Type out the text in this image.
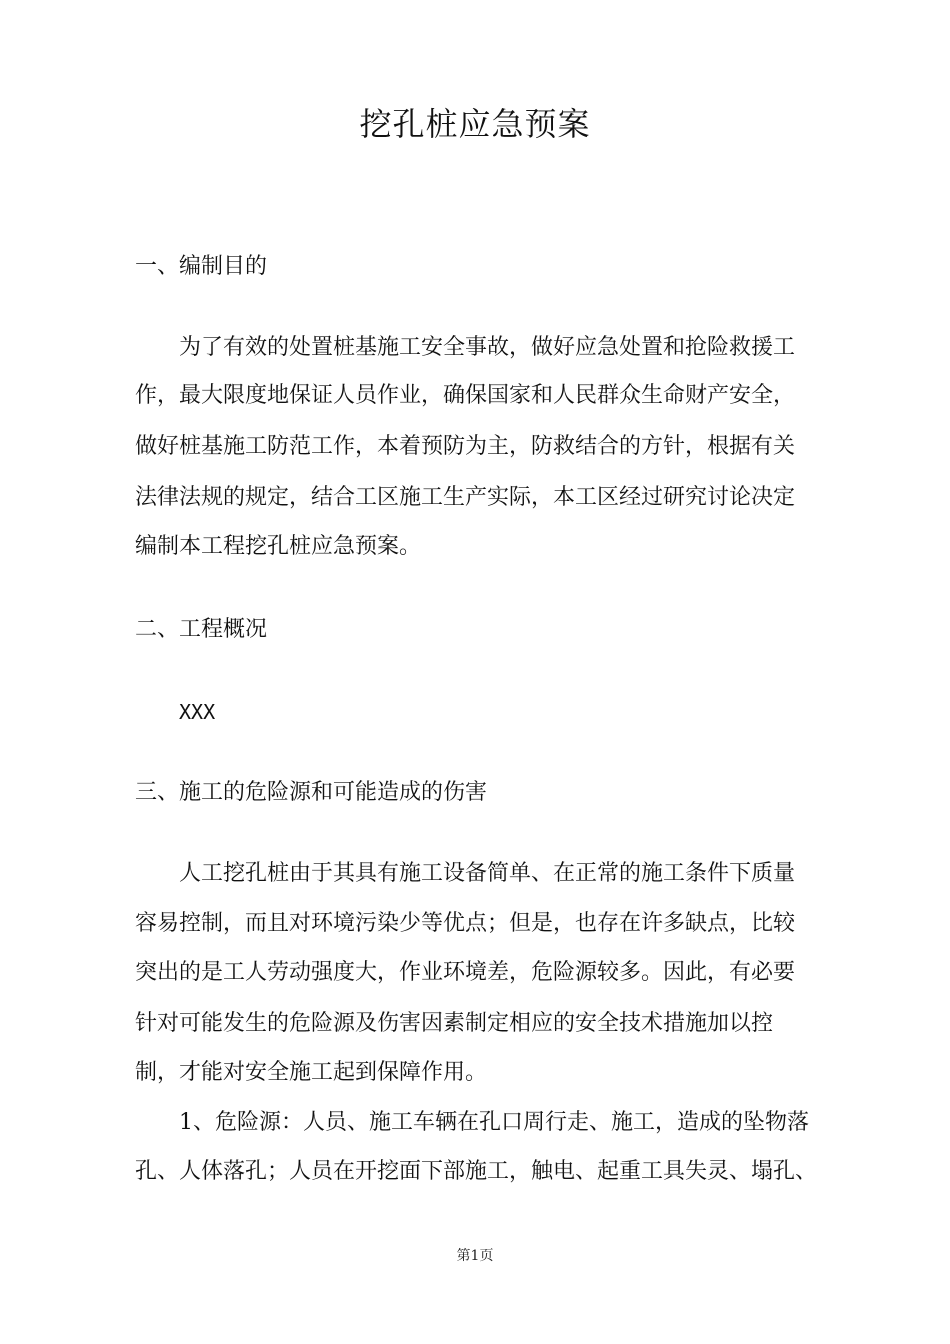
挖孔桩应急预案
一、编制目的
为了有效的处置桩基施工安全事故，做好应急处置和抢险救援工
作，最大限度地保证人员作业，确保国家和人民群众生命财产安全，
做好桩基施工防范工作，本着预防为主，防救结合的方针，根据有关
法律法规的规定，结合工区施工生产实际，本工区经过研究讨论决定
编制本工程挖孔桩应急预案。
二、工程概况
XXX
三、施工的危险源和可能造成的伤害
人工挖孔桩由于其具有施工设备简单、在正常的施工条件下质量
容易控制，而且对环境污染少等优点；但是，也存在许多缺点，比较
突出的是工人劳动强度大，作业环境差，危险源较多。因此，有必要
针对可能发生的危险源及伤害因素制定相应的安全技术措施加以控
制，才能对安全施工起到保障作用。
1、危险源：人员、施工车辆在孔口周行走、施工，造成的坠物落
孔、人体落孔；人员在开挖面下部施工，触电、起重工具失灵、塌孔、
第1页
